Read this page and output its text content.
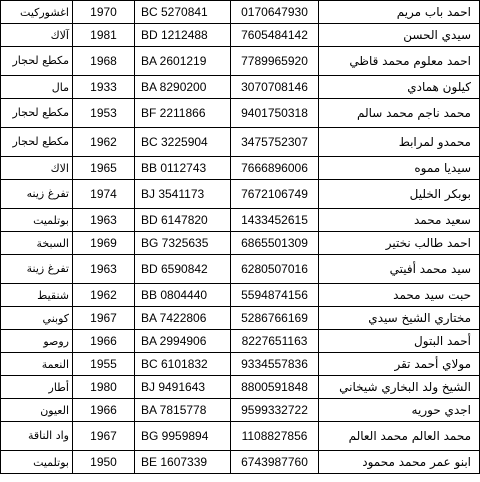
اغشوركيت	1970	BC 5270841	0170647930	احمد باب مريم
آلاك	1981	BD 1212488	7605484142	سيدي الحسن

مكطع لحجار	1968	BA 2601219	7789965920	احمد معلوم محمد قاظي
مال	1933	BA 8290200	3070708146	كيلون همادي

مكطع لحجار	1953	BF 2211866	9401750318	محمد ناجم محمد سالم

مكطع لحجار	1962	BC 3225904	3475752307	محمدو لمرابط
الاك	1965	BB 0112743	7666896006	سيديا مموه

تفرغ زينه	1974	BJ 3541173	7672106749	بوبكر الخليل
بوتلميت	1963	BD 6147820	1433452615	سعيد محمد
السبخة	1969	BG 7325635	6865501309	احمد طالب نختير

تفرغ زينة	1963	BD 6590842	6280507016	سيد محمد أفيتي
شنقيط	1962	BB 0804440	5594874156	حبت سيد محمد
كوبني	1967	BA 7422806	5286766169	مختاري الشيخ سيدي
روصو	1966	BA 2994906	8227651163	أحمد البتول
النعمة	1955	BC 6101832	9334557836	مولاي أحمد تقر
أطار	1980	BJ 9491643	8800591848	الشيخ ولد البخاري شيخاني
العيون	1966	BA 7815778	9599332722	اجدي حوريه

واد الناقة	1967	BG 9959894	1108827856	محمد العالم محمد العالم
بوتلميت	1950	BE 1607339	6743987760	ابنو عمر محمد محمود
